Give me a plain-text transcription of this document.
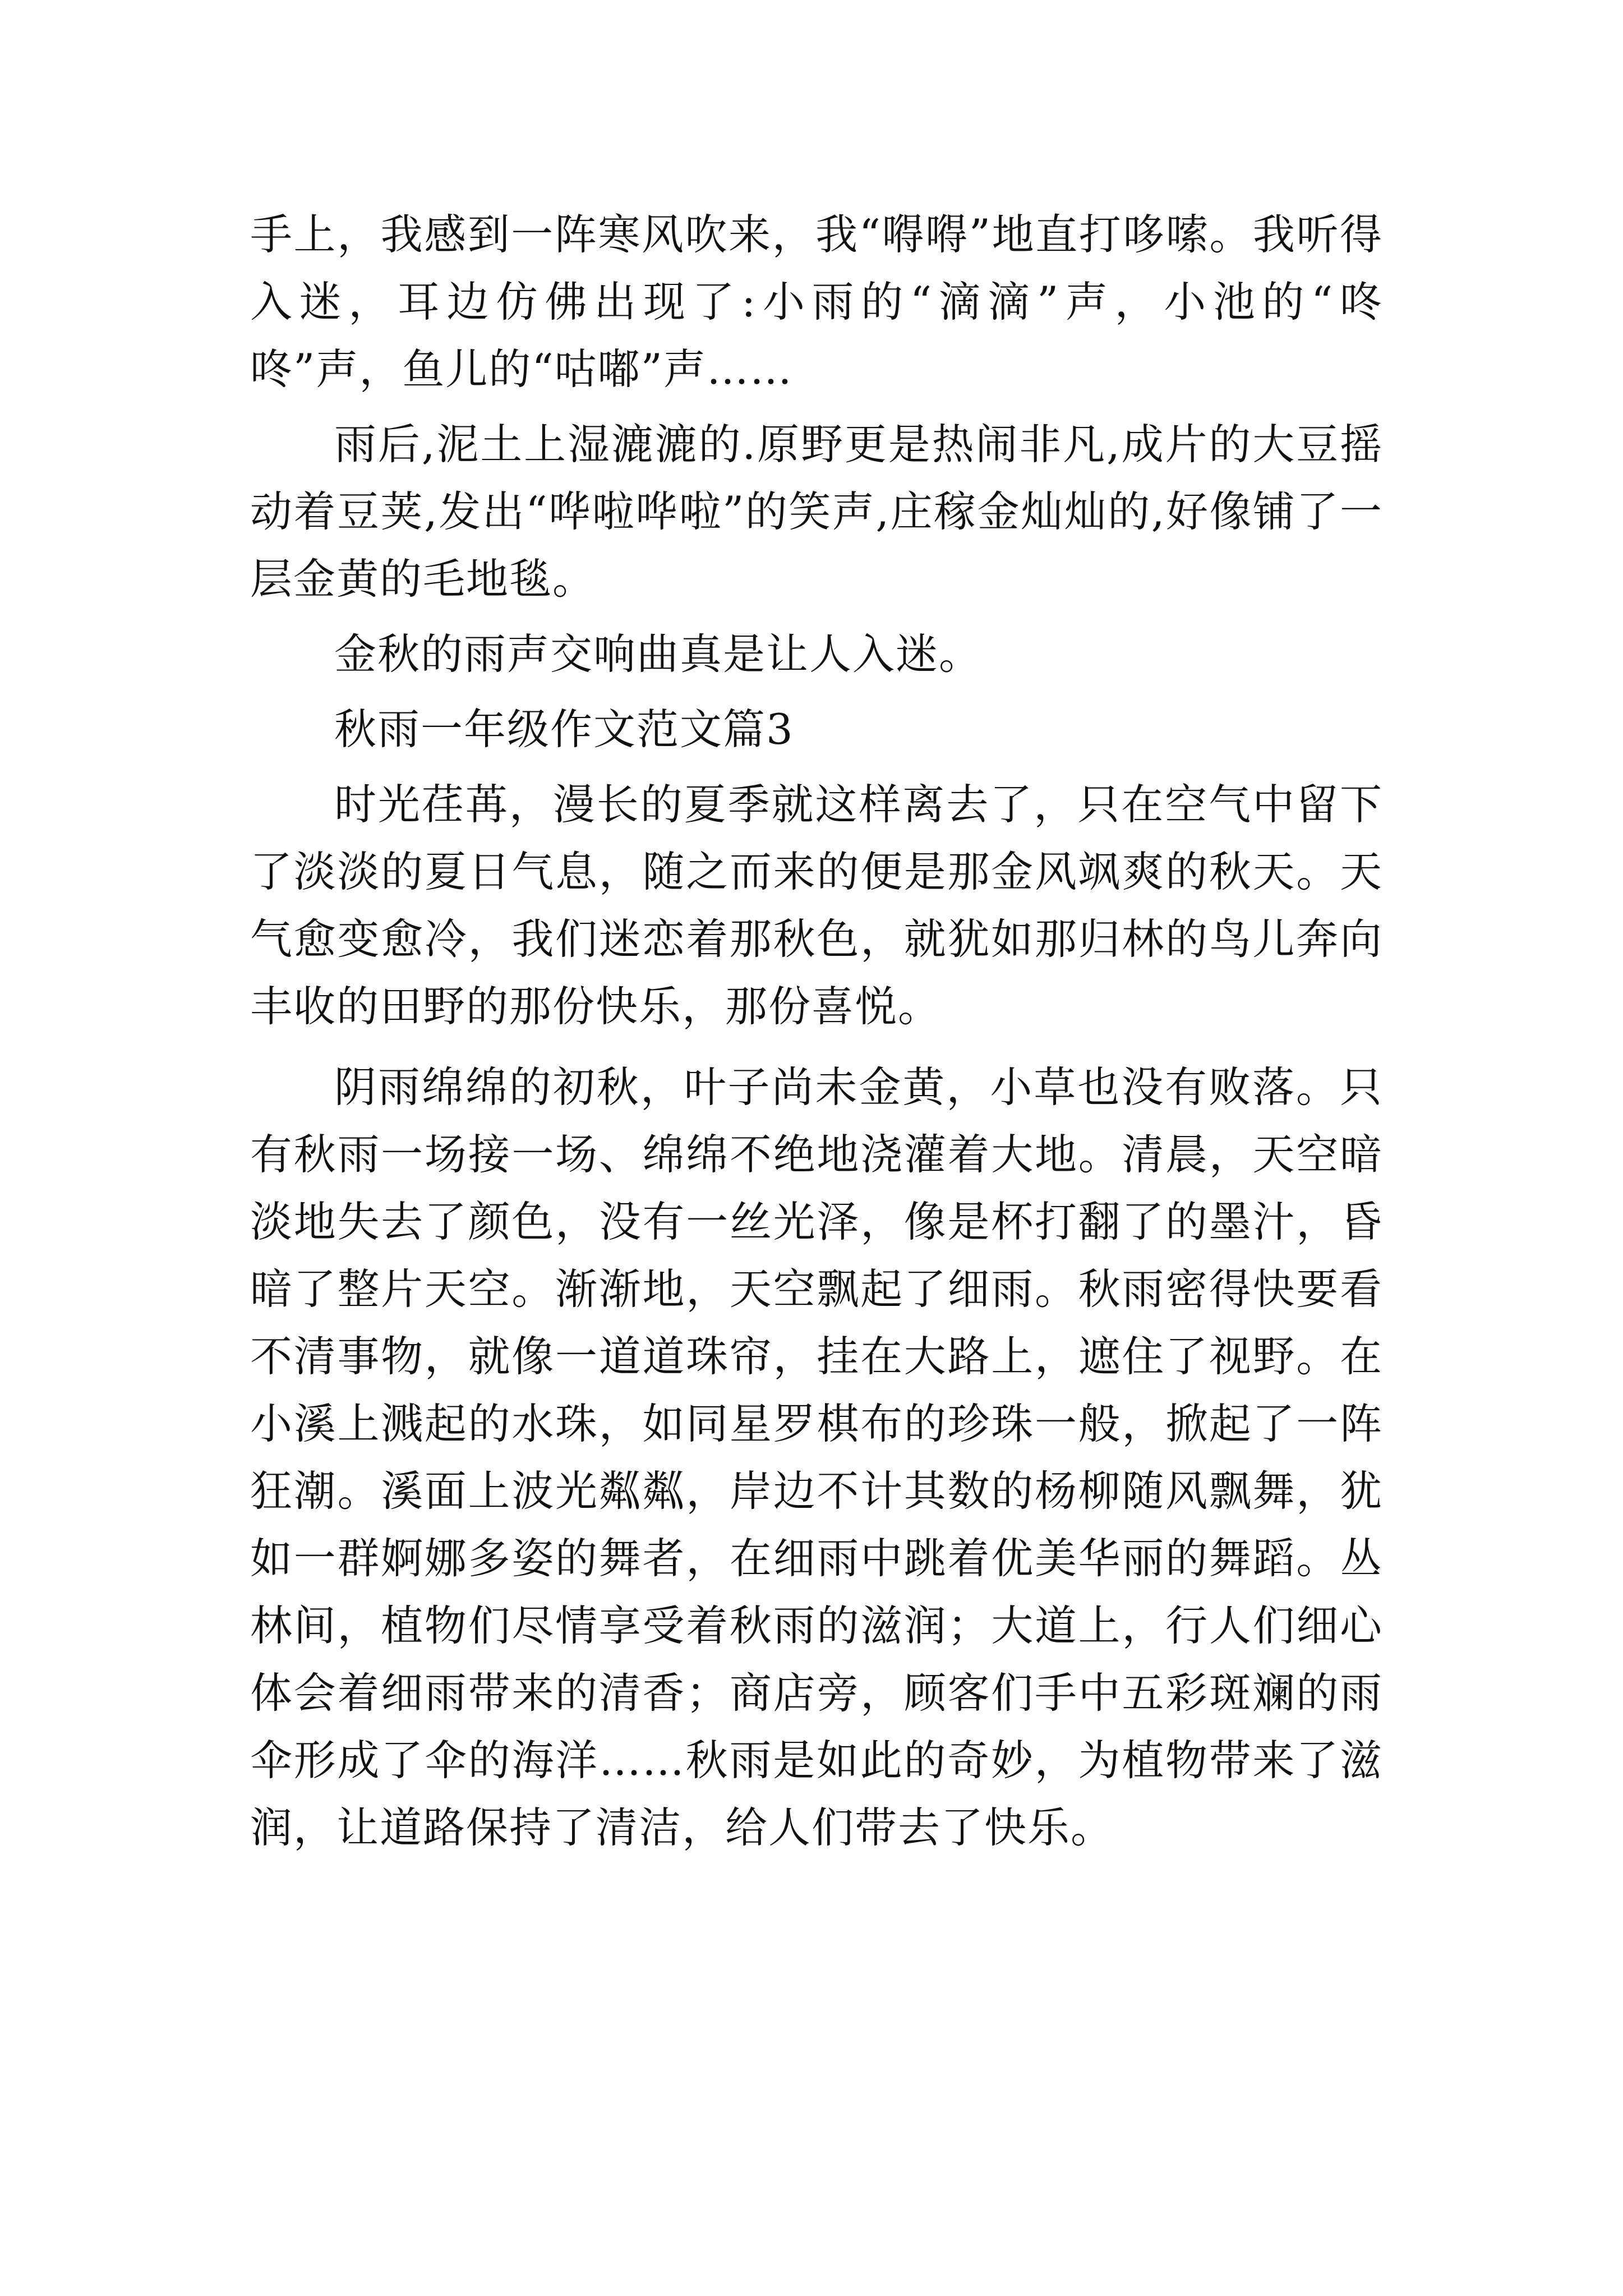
手上，我感到一阵寒风吹来，我“嘚嘚”地直打哆嗦。我听得入迷，耳边仿佛出现了:小雨的“滴滴”声，小池的“咚咚”声，鱼儿的“咕嘟”声……

雨后,泥土上湿漉漉的.原野更是热闹非凡,成片的大豆摇动着豆荚,发出“哗啦哗啦”的笑声,庄稼金灿灿的,好像铺了一层金黄的毛地毯。

金秋的雨声交响曲真是让人入迷。

秋雨一年级作文范文篇3

时光荏苒，漫长的夏季就这样离去了，只在空气中留下了淡淡的夏日气息，随之而来的便是那金风飒爽的秋天。天气愈变愈冷，我们迷恋着那秋色，就犹如那归林的鸟儿奔向丰收的田野的那份快乐，那份喜悦。

阴雨绵绵的初秋，叶子尚未金黄，小草也没有败落。只有秋雨一场接一场、绵绵不绝地浇灌着大地。清晨，天空暗淡地失去了颜色，没有一丝光泽，像是杯打翻了的墨汁，昏暗了整片天空。渐渐地，天空飘起了细雨。秋雨密得快要看不清事物，就像一道道珠帘，挂在大路上，遮住了视野。在小溪上溅起的水珠，如同星罗棋布的珍珠一般，掀起了一阵狂潮。溪面上波光粼粼，岸边不计其数的杨柳随风飘舞，犹如一群婀娜多姿的舞者，在细雨中跳着优美华丽的舞蹈。丛林间，植物们尽情享受着秋雨的滋润；大道上，行人们细心体会着细雨带来的清香；商店旁，顾客们手中五彩斑斓的雨伞形成了伞的海洋……秋雨是如此的奇妙，为植物带来了滋润，让道路保持了清洁，给人们带去了快乐。
